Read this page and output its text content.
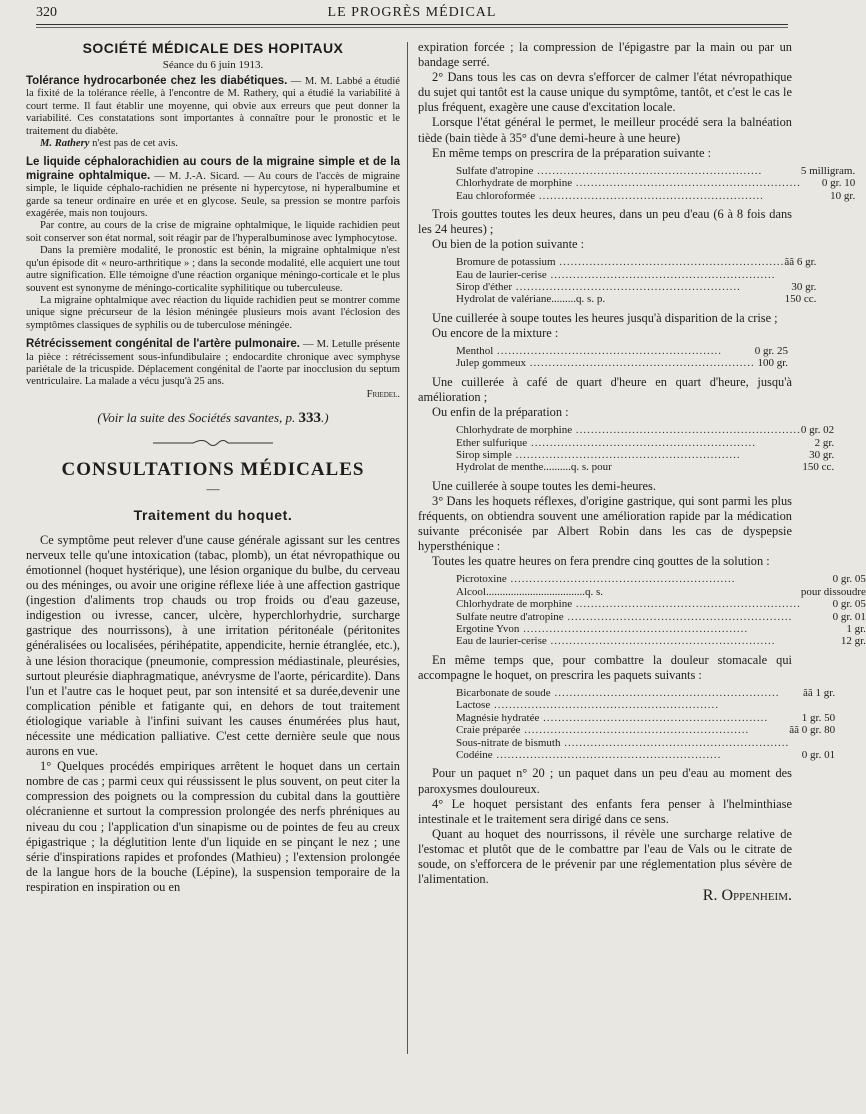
320	LE PROGRÈS MÉDICAL
SOCIÉTÉ MÉDICALE DES HOPITAUX
Séance du 6 juin 1913.

Tolérance hydrocarbonée chez les diabétiques. — M. M. Labbé a étudié la fixité de la tolérance réelle, à l'encontre de M. Rathery, qui a étudié la variabilité à court terme. Il faut établir une moyenne, qui obvie aux erreurs que peut donner la variabilité. Ces constatations sont importantes à connaître pour le pronostic et le traitement du diabète.

M. Rathery n'est pas de cet avis.

Le liquide céphalorachidien au cours de la migraine simple et de la migraine ophtalmique. — M. J.-A. Sicard. — Au cours de l'accès de migraine simple, le liquide céphalo-rachidien ne présente ni hypercytose, ni hyperalbumine et garde sa teneur ordinaire en urée et en glycose. Seule, sa pression se montre parfois exagérée, mais non toujours.

Par contre, au cours de la crise de migraine ophtalmique, le liquide rachidien peut soit conserver son état normal, soit réagir par de l'hyperalbuminose avec lymphocytose.

Dans la première modalité, le pronostic est bénin, la migraine ophtalmique n'est qu'un épisode dit « neuro-arthritique » ; dans la seconde modalité, elle acquiert une tout autre signification. Elle témoigne d'une réaction organique méningo-corticale et le plus souvent est synonyme de méningo-corticalite syphilitique ou tuberculeuse.

La migraine ophtalmique avec réaction du liquide rachidien peut se montrer comme unique signe précurseur de la lésion méningée plusieurs mois avant l'éclosion des symptômes classiques de syphilis ou de tuberculose méningée.

Rétrécissement congénital de l'artère pulmonaire. — M. Letulle présente la pièce : rétrécissement sous-infundibulaire ; endocardite chronique avec symphyse pariétale de la tricuspide. Déplacement congénital de l'aorte par inocclusion du septum ventriculaire. La malade a vécu jusqu'à 25 ans.

Friedel.
(Voir la suite des Sociétés savantes, p. 333.)
CONSULTATIONS MÉDICALES
—
Traitement du hoquet.

Ce symptôme peut relever d'une cause générale agissant sur les centres nerveux telle qu'une intoxication (tabac, plomb), un état névropathique ou émotionnel (hoquet hystérique), une lésion organique du bulbe, du cerveau ou des méninges, ou avoir une origine réflexe liée à une affection gastrique (ingestion d'aliments trop chauds ou trop froids ou d'eau gazeuse, indigestion ou ivresse, cancer, ulcère, hyperchlorhydrie, surcharge gastrique des nourrissons), à une irritation péritonéale (péritonites généralisées ou localisées, périhépatite, appendicite, hernie étranglée, etc.), à une lésion thoracique (pneumonie, compression médiastinale, pleurésies, surtout pleurésie diaphragmatique, anévrysme de l'aorte, péricardite). Dans l'un et l'autre cas le hoquet peut, par son intensité et sa durée,devenir une complication pénible et fatigante qui, en dehors de tout traitement étiologique variable à l'infini suivant les causes énumérées plus haut, nécessite une médication palliative. C'est cette dernière seule que nous aurons en vue.

1° Quelques procédés empiriques arrêtent le hoquet dans un certain nombre de cas ; parmi ceux qui réussissent le plus souvent, on peut citer la compression des poignets ou la compression du cubital dans la gouttière olécranienne et surtout la compression prolongée des nerfs phréniques au niveau du cou ; l'application d'un sinapisme ou de pointes de feu au creux épigastrique ; la déglutition lente d'un liquide en se pinçant le nez ; une série d'inspirations rapides et profondes (Mathieu) ; l'extension prolongée de la langue hors de la bouche (Lépine), la suspension temporaire de la respiration en inspiration ou en

expiration forcée ; la compression de l'épigastre par la main ou par un bandage serré.

2° Dans tous les cas on devra s'efforcer de calmer l'état névropathique du sujet qui tantôt est la cause unique du symptôme, tantôt, et c'est le cas le plus fréquent, exagère une cause d'excitation locale.

Lorsque l'état général le permet, le meilleur procédé sera la balnéation tiède (bain tiède à 35° d'une demi-heure à une heure)

En même temps on prescrira de la préparation suivante :

Sulfate d'atropine ............................................................	5 milligram.
Chlorhydrate de morphine ............................................................	0 gr. 10
Eau chloroformée ............................................................	10 gr.

Trois gouttes toutes les deux heures, dans un peu d'eau (6 à 8 fois dans les 24 heures) ;

Ou bien de la potion suivante :

Bromure de potassium ............................................................	ãã 6 gr.
Eau de laurier-cerise ............................................................	
Sirop d'éther ............................................................	30 gr.
Hydrolat de valériane.........q. s. p.	150 cc.

Une cuillerée à soupe toutes les heures jusqu'à disparition de la crise ;

Ou encore de la mixture :

Menthol ............................................................	0 gr. 25
Julep gommeux ............................................................	100 gr.

Une cuillerée à café de quart d'heure en quart d'heure, jusqu'à amélioration ;

Ou enfin de la préparation :

Chlorhydrate de morphine ............................................................	0 gr. 02
Ether sulfurique ............................................................	2 gr.
Sirop simple ............................................................	30 gr.
Hydrolat de menthe..........q. s. pour	150 cc.

Une cuillerée à soupe toutes les demi-heures.

3° Dans les hoquets réflexes, d'origine gastrique, qui sont parmi les plus fréquents, on obtiendra souvent une amélioration rapide par la médication suivante préconisée par Albert Robin dans les cas de dyspepsie hypersthénique :

Toutes les quatre heures on fera prendre cinq gouttes de la solution :

Picrotoxine ............................................................	0 gr. 05
Alcool....................................q. s.	pour dissoudre
Chlorhydrate de morphine ............................................................	0 gr. 05
Sulfate neutre d'atropine ............................................................	0 gr. 01
Ergotine Yvon ............................................................	1 gr.
Eau de laurier-cerise ............................................................	12 gr.

En même temps que, pour combattre la douleur stomacale qui accompagne le hoquet, on prescrira les paquets suivants :

Bicarbonate de soude ............................................................	ãã 1 gr.
Lactose ............................................................	
Magnésie hydratée ............................................................	1 gr. 50
Craie préparée ............................................................	ãã 0 gr. 80
Sous-nitrate de bismuth ............................................................	
Codéine ............................................................	0 gr. 01

Pour un paquet n° 20 ; un paquet dans un peu d'eau au moment des paroxysmes douloureux.

4° Le hoquet persistant des enfants fera penser à l'helminthiase intestinale et le traitement sera dirigé dans ce sens.

Quant au hoquet des nourrissons, il révèle une surcharge relative de l'estomac et plutôt que de le combattre par l'eau de Vals ou le citrate de soude, on s'efforcera de le prévenir par une réglementation plus sévère de l'alimentation.

R. Oppenheim.
